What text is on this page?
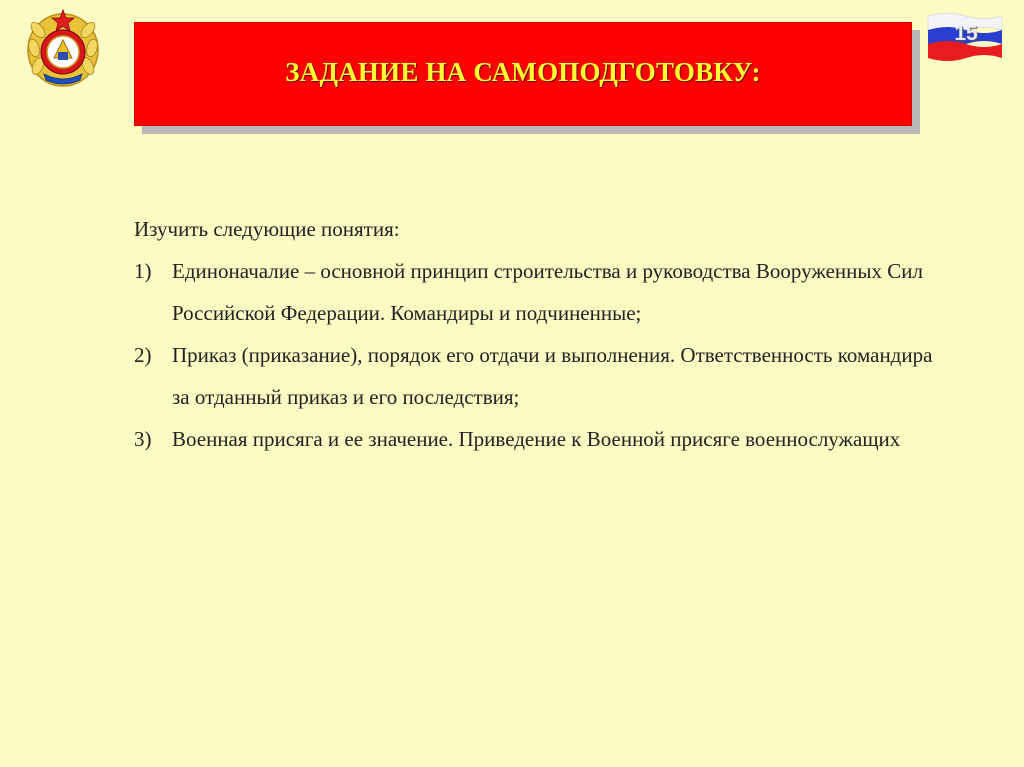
15
ЗАДАНИЕ НА САМОПОДГОТОВКУ:

Изучить следующие понятия:

1) Единоначалие – основной принцип строительства и руководства Вооруженных Сил Российской Федерации. Командиры и подчиненные;
2) Приказ (приказание), порядок его отдачи и выполнения. Ответственность командира за отданный приказ и его последствия;
3) Военная присяга и ее значение. Приведение к Военной присяге военнослужащих
